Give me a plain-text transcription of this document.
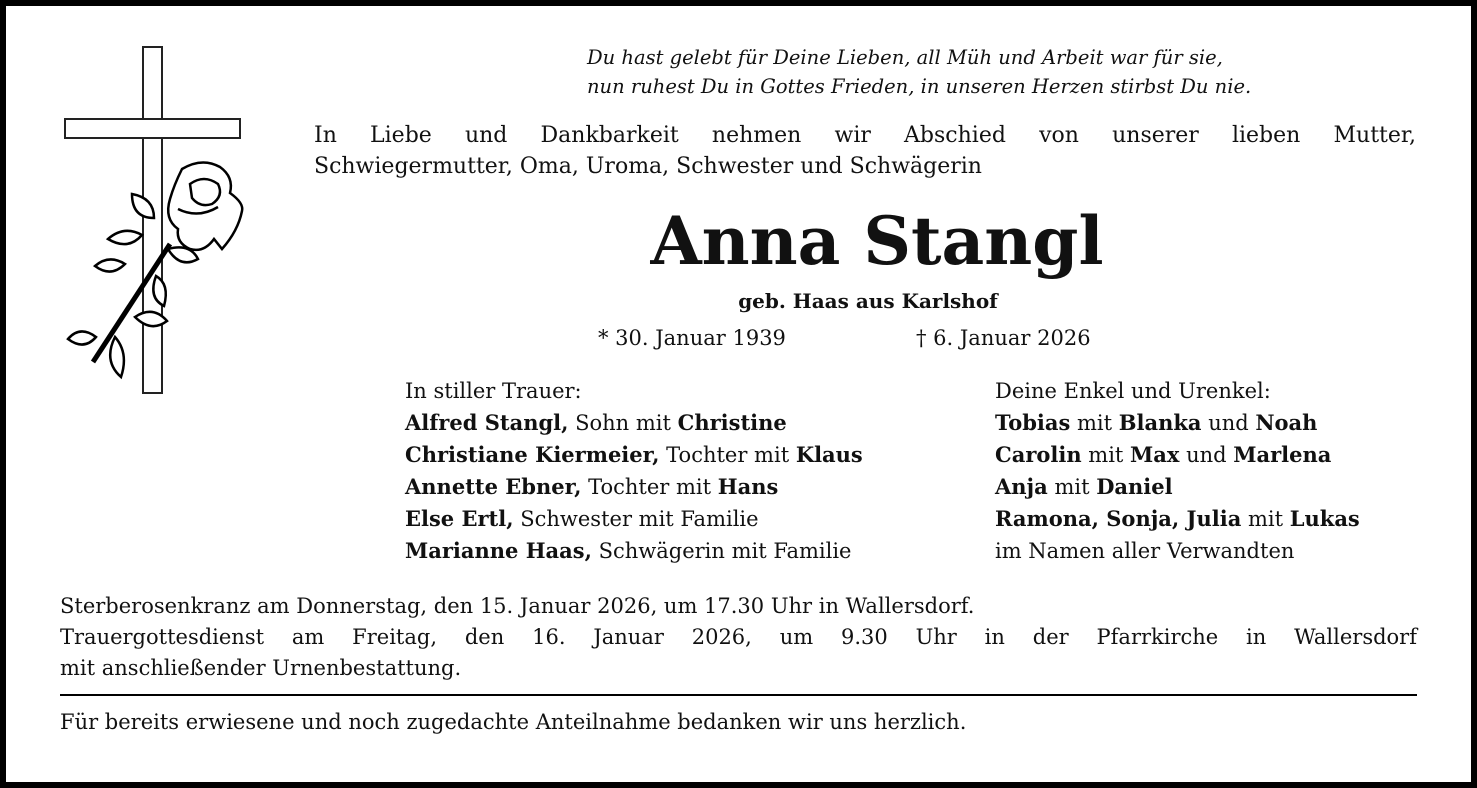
Du hast gelebt für Deine Lieben, all Müh und Arbeit war für sie,
nun ruhest Du in Gottes Frieden, in unseren Herzen stirbst Du nie.
In Liebe und Dankbarkeit nehmen wir Abschied von unserer lieben Mutter,
Schwiegermutter, Oma, Uroma, Schwester und Schwägerin
Anna Stangl
geb. Haas aus Karlshof
* 30. Januar 1939	† 6. Januar 2026
In stiller Trauer:
Alfred Stangl, Sohn mit Christine
Christiane Kiermeier, Tochter mit Klaus
Annette Ebner, Tochter mit Hans
Else Ertl, Schwester mit Familie
Marianne Haas, Schwägerin mit Familie
Deine Enkel und Urenkel:
Tobias mit Blanka und Noah
Carolin mit Max und Marlena
Anja mit Daniel
Ramona, Sonja, Julia mit Lukas
im Namen aller Verwandten
Sterberosenkranz am Donnerstag, den 15. Januar 2026, um 17.30 Uhr in Wallersdorf.
Trauergottesdienst am Freitag, den 16. Januar 2026, um 9.30 Uhr in der Pfarrkirche in Wallersdorf
mit anschließender Urnenbestattung.
Für bereits erwiesene und noch zugedachte Anteilnahme bedanken wir uns herzlich.
